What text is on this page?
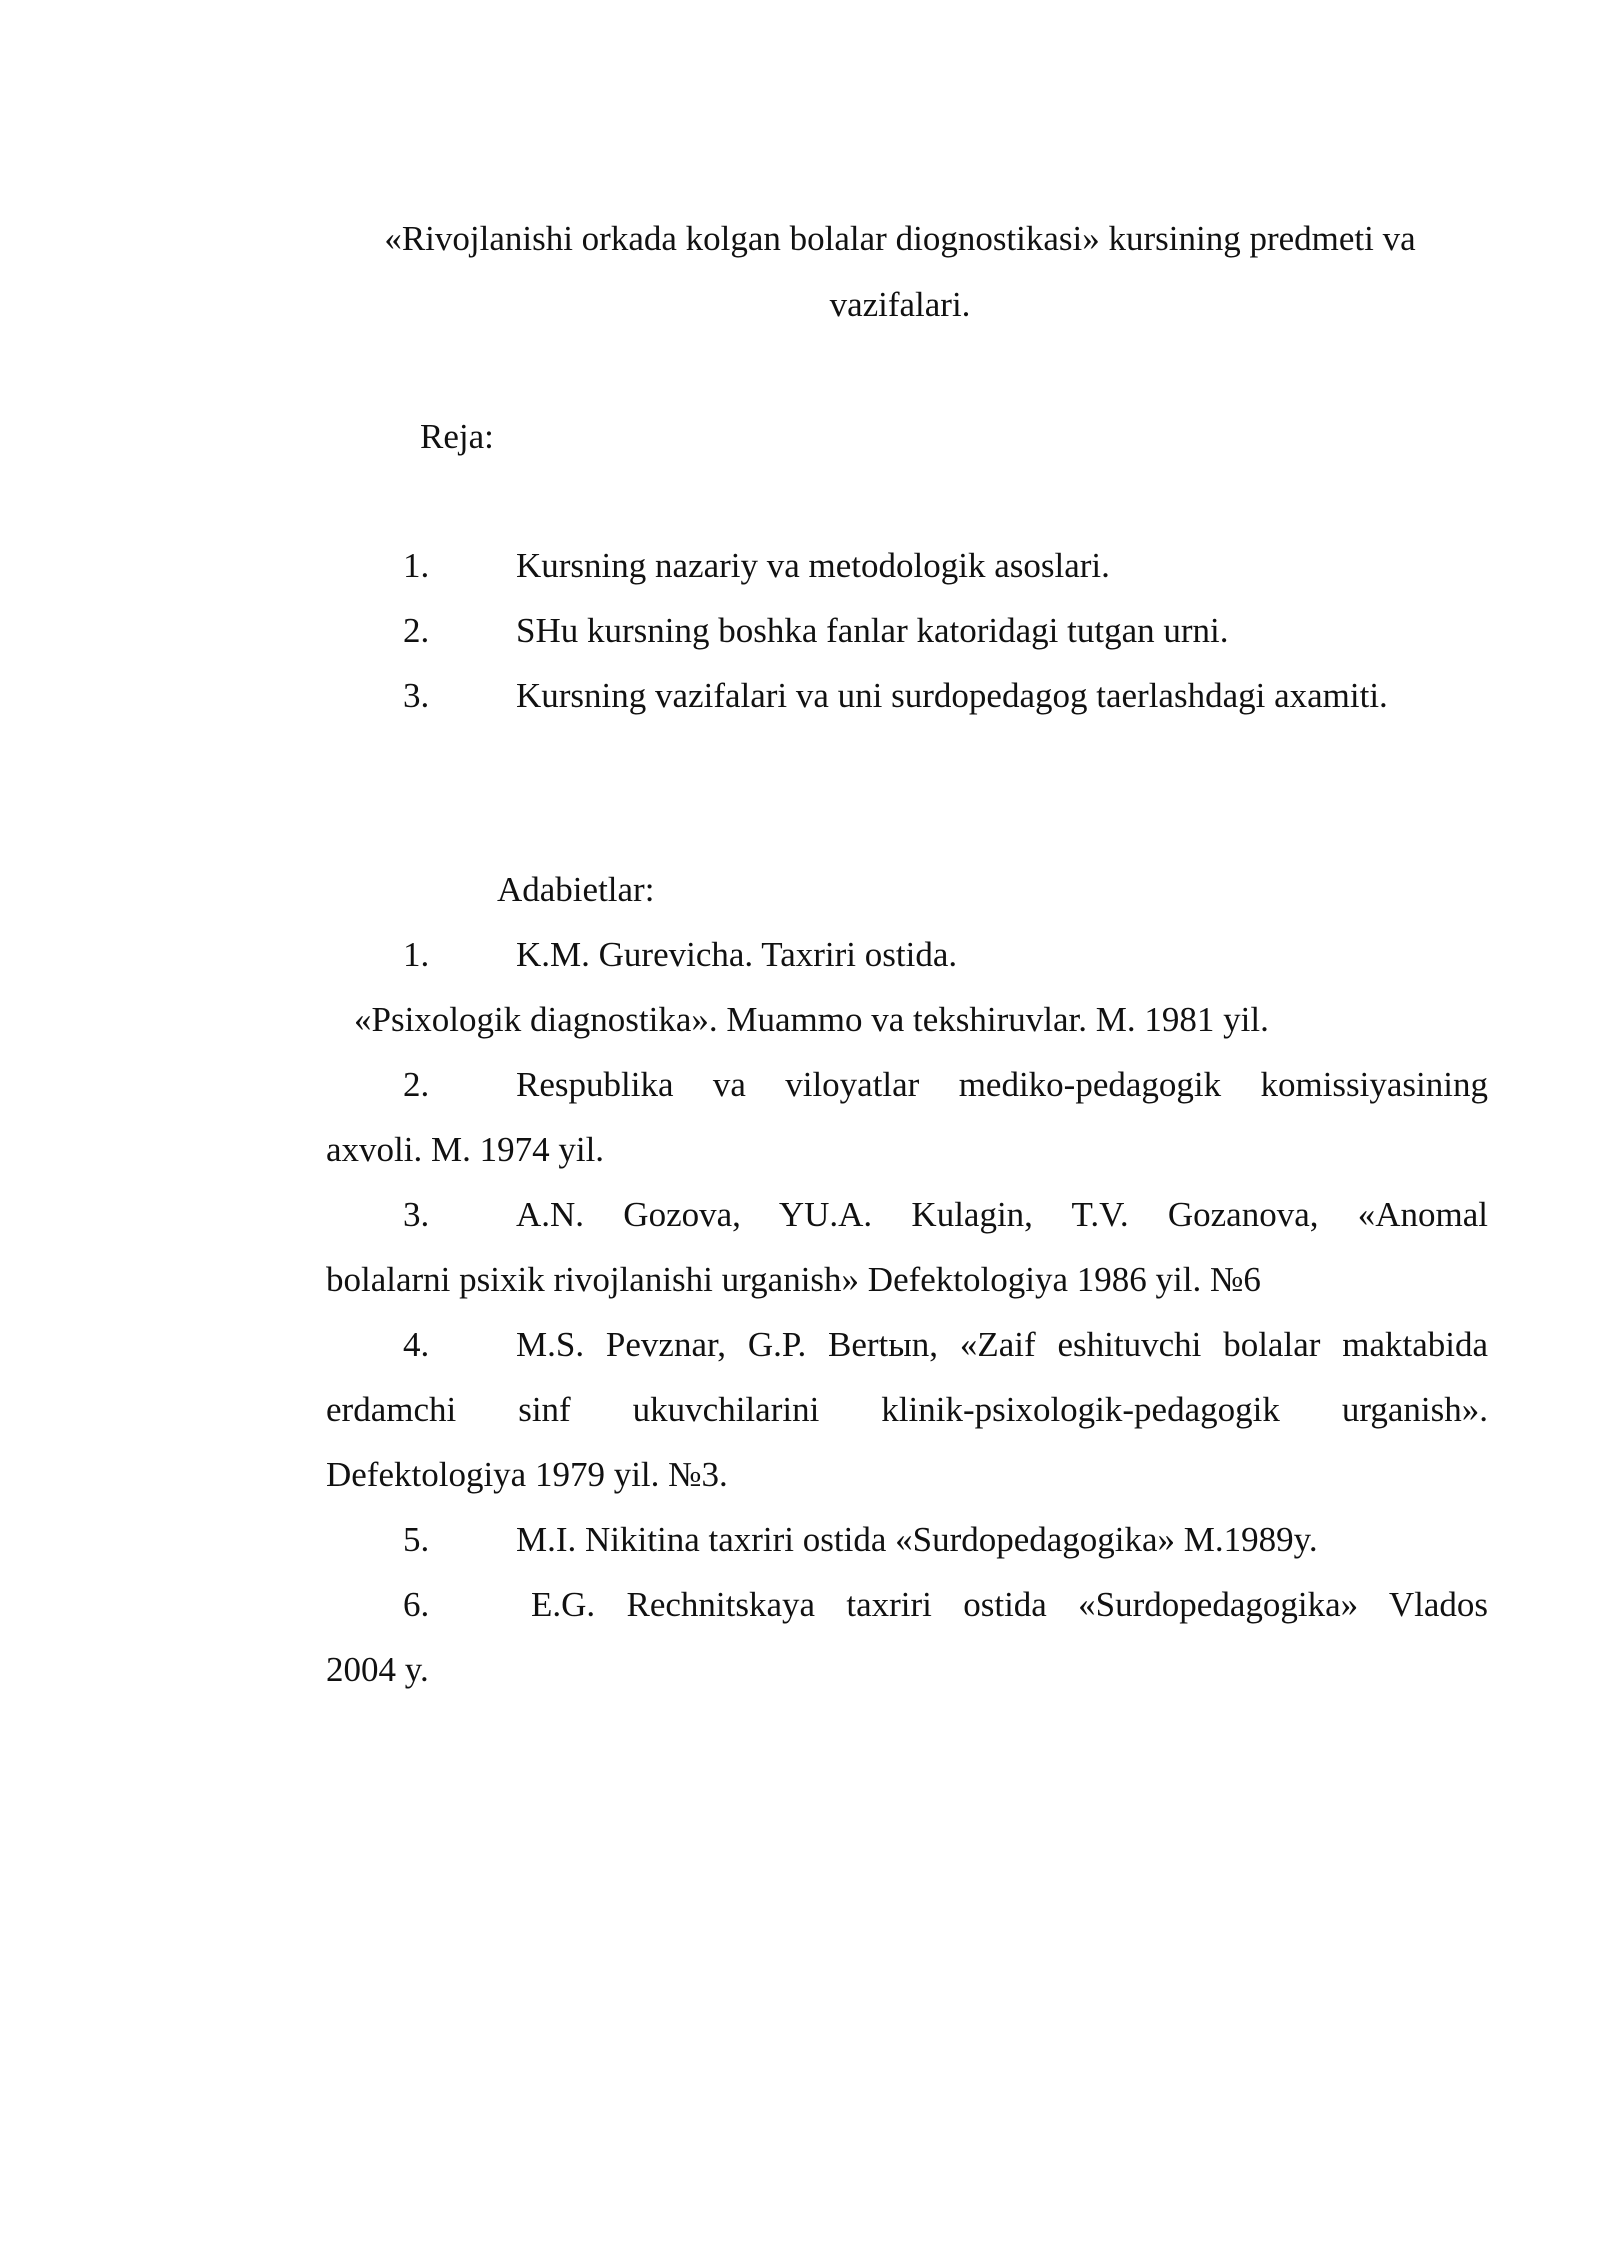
«Rivojlanishi orkada kolgan bolalar diognostikasi» kursining predmeti va
vazifalari.
Reja:
1. Kursning nazariy va metodologik asoslari.
2. SHu kursning boshka fanlar katoridagi tutgan urni.
3. Kursning vazifalari va uni surdopedagog taerlashdagi axamiti.
Adabietlar:
1. K.M. Gurevicha. Taxriri ostida.
«Psixologik diagnostika». Muammo va tekshiruvlar. M. 1981 yil.
2. Respublika va viloyatlar mediko-pedagogik komissiyasining
axvoli. M. 1974 yil.
3. A.N. Gozova, YU.A. Kulagin, T.V. Gozanova, «Anomal
bolalarni psixik rivojlanishi urganish» Defektologiya 1986 yil. №6
4. M.S. Pevznar, G.P. Bertыn, «Zaif eshituvchi bolalar maktabida
erdamchi sinf ukuvchilarini klinik-psixologik-pedagogik urganish».
Defektologiya 1979 yil. №3.
5. M.I. Nikitina taxriri ostida «Surdopedagogika» M.1989y.
6.	E.G. Rechnitskaya taxriri ostida «Surdopedagogika» Vlados
2004 y.
